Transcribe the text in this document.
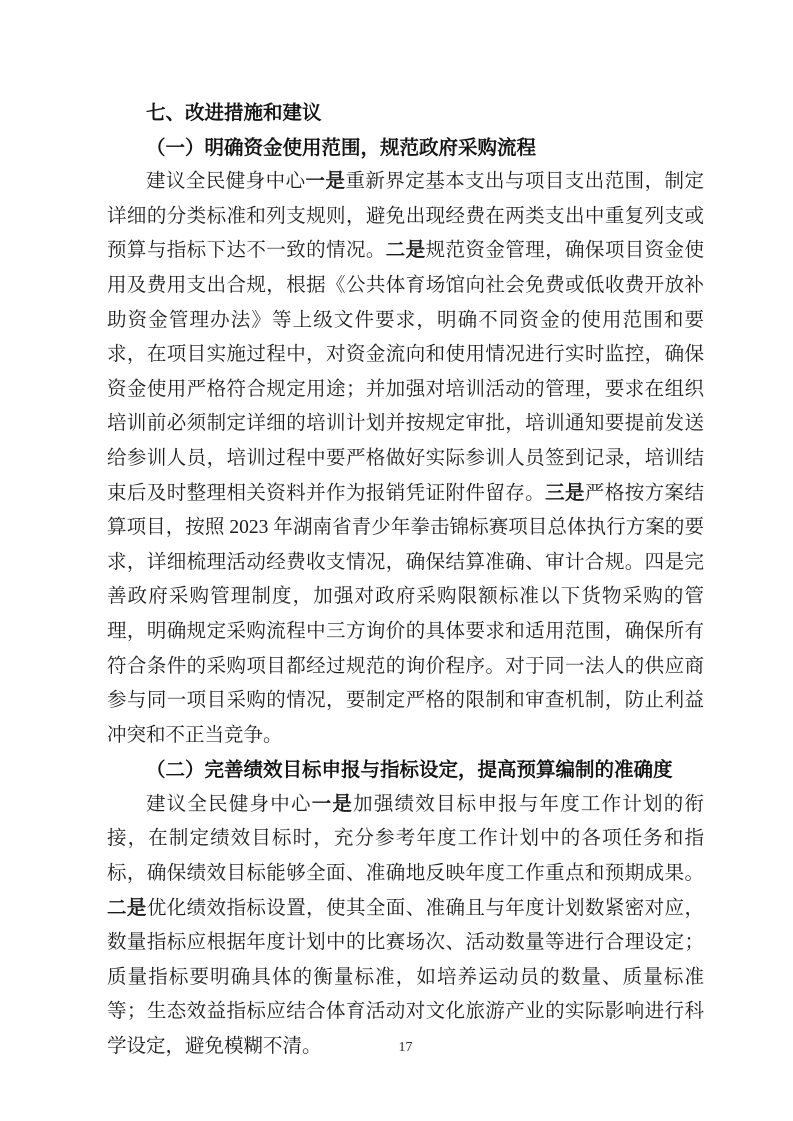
七、改进措施和建议
（一）明确资金使用范围，规范政府采购流程

建议全民健身中心一是重新界定基本支出与项目支出范围，制定详细的分类标准和列支规则，避免出现经费在两类支出中重复列支或预算与指标下达不一致的情况。二是规范资金管理，确保项目资金使用及费用支出合规，根据《公共体育场馆向社会免费或低收费开放补助资金管理办法》等上级文件要求，明确不同资金的使用范围和要求，在项目实施过程中，对资金流向和使用情况进行实时监控，确保资金使用严格符合规定用途；并加强对培训活动的管理，要求在组织培训前必须制定详细的培训计划并按规定审批，培训通知要提前发送给参训人员，培训过程中要严格做好实际参训人员签到记录，培训结束后及时整理相关资料并作为报销凭证附件留存。三是严格按方案结算项目，按照 2023 年湖南省青少年拳击锦标赛项目总体执行方案的要求，详细梳理活动经费收支情况，确保结算准确、审计合规。四是完善政府采购管理制度，加强对政府采购限额标准以下货物采购的管理，明确规定采购流程中三方询价的具体要求和适用范围，确保所有符合条件的采购项目都经过规范的询价程序。对于同一法人的供应商参与同一项目采购的情况，要制定严格的限制和审查机制，防止利益冲突和不正当竞争。

（二）完善绩效目标申报与指标设定，提高预算编制的准确度

建议全民健身中心一是加强绩效目标申报与年度工作计划的衔接，在制定绩效目标时，充分参考年度工作计划中的各项任务和指标，确保绩效目标能够全面、准确地反映年度工作重点和预期成果。二是优化绩效指标设置，使其全面、准确且与年度计划数紧密对应，数量指标应根据年度计划中的比赛场次、活动数量等进行合理设定；质量指标要明确具体的衡量标准，如培养运动员的数量、质量标准等；生态效益指标应结合体育活动对文化旅游产业的实际影响进行科学设定，避免模糊不清。	17
